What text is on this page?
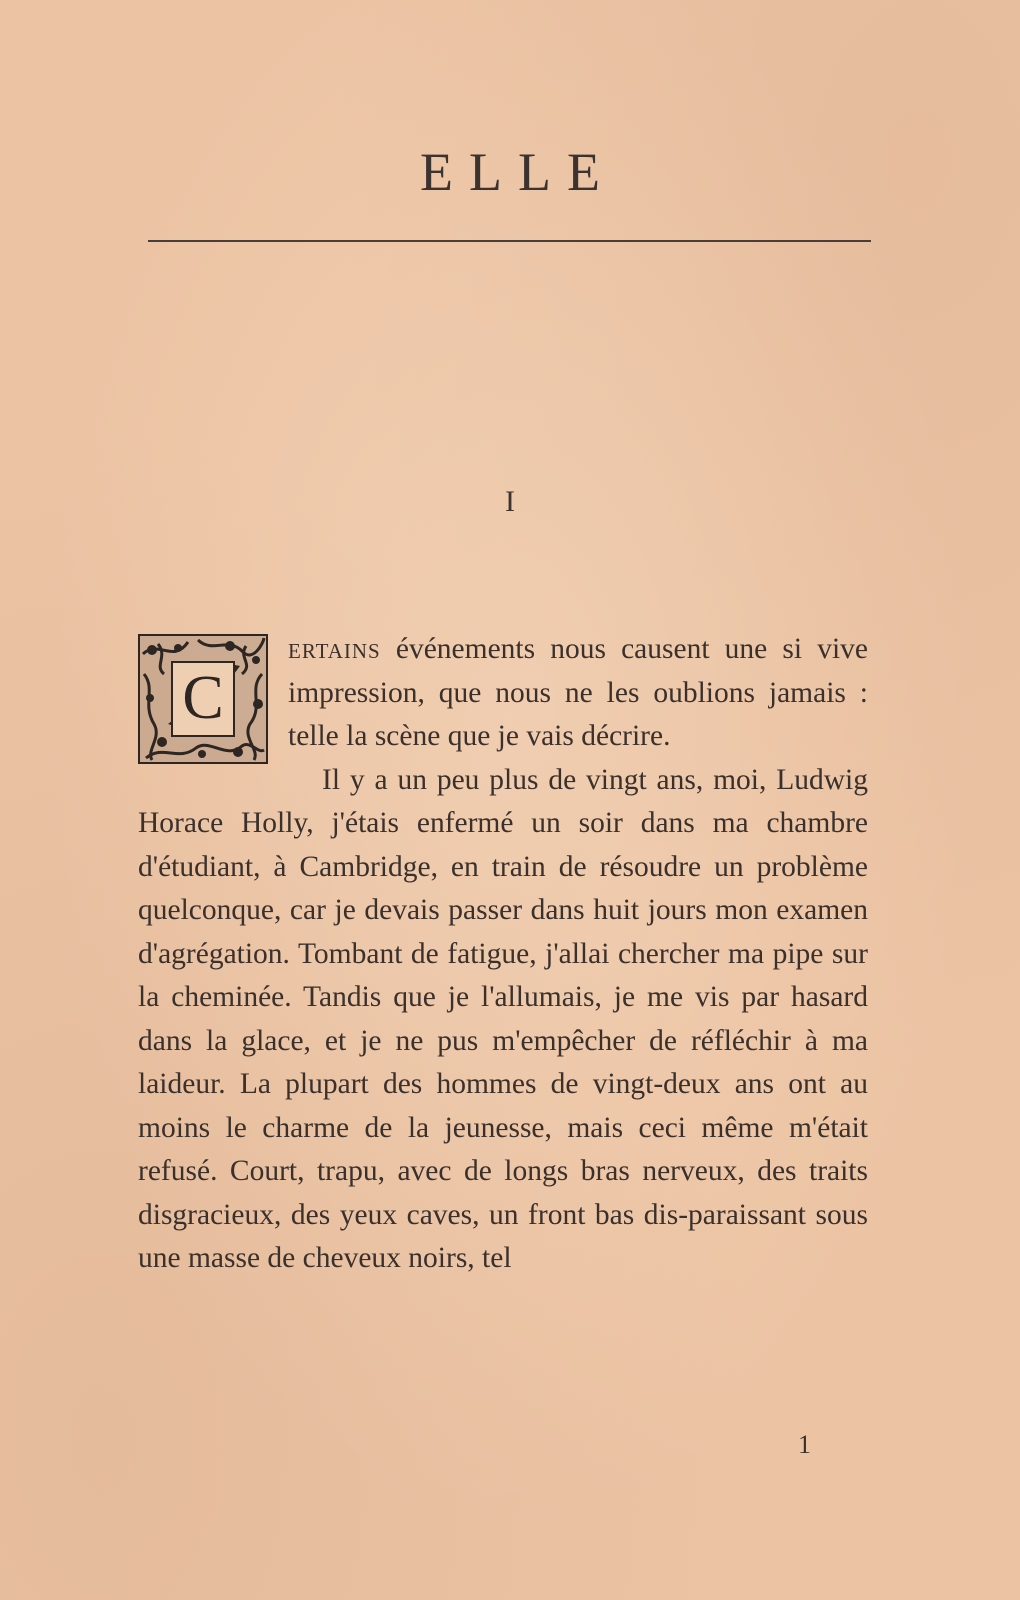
ELLE
I

C
ertains événements nous causent une si vive impression, que nous ne les oublions jamais : telle la scène que je vais décrire.

Il y a un peu plus de vingt ans, moi, Ludwig Horace Holly, j'étais enfermé un soir dans ma chambre d'étudiant, à Cambridge, en train de résoudre un problème quelconque, car je devais passer dans huit jours mon examen d'agrégation. Tombant de fatigue, j'allai chercher ma pipe sur la cheminée. Tandis que je l'allumais, je me vis par hasard dans la glace, et je ne pus m'empêcher de réfléchir à ma laideur. La plupart des hommes de vingt-deux ans ont au moins le charme de la jeunesse, mais ceci même m'était refusé. Court, trapu, avec de longs bras nerveux, des traits disgracieux, des yeux caves, un front bas dis-paraissant sous une masse de cheveux noirs, tel

1
